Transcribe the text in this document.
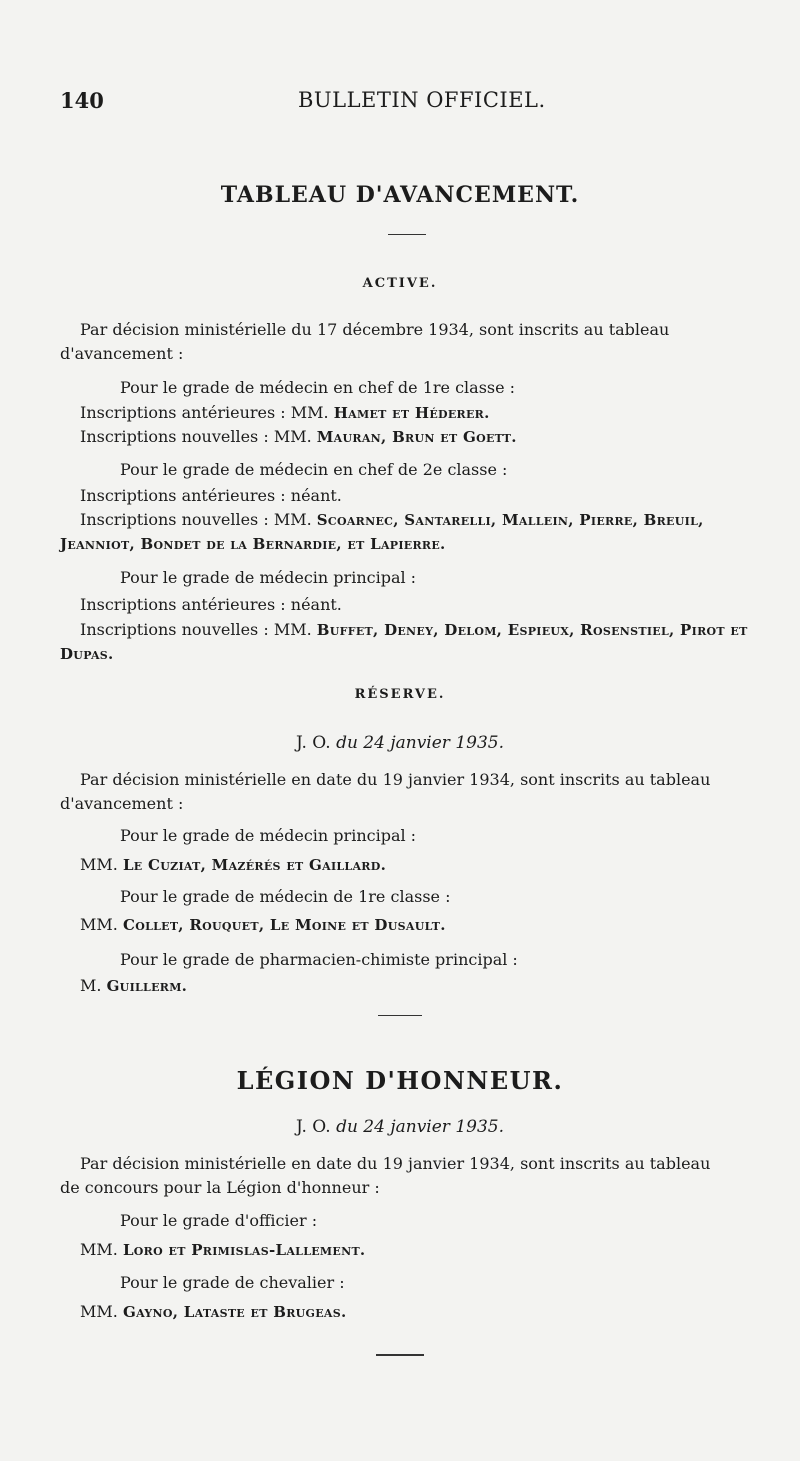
140	BULLETIN OFFICIEL.
TABLEAU D'AVANCEMENT.
ACTIVE.
Par décision ministérielle du 17 décembre 1934, sont inscrits au tableau
d'avancement :
Pour le grade de médecin en chef de 1re classe :
Inscriptions antérieures : MM. Hamet et Héderer.
Inscriptions nouvelles : MM. Mauran, Brun et Goett.
Pour le grade de médecin en chef de 2e classe :
Inscriptions antérieures : néant.
Inscriptions nouvelles : MM. Scoarnec, Santarelli, Mallein, Pierre, Breuil,
Jeanniot, Bondet de la Bernardie, et Lapierre.
Pour le grade de médecin principal :
Inscriptions antérieures : néant.
Inscriptions nouvelles : MM. Buffet, Deney, Delom, Espieux, Rosenstiel, Pirot et
Dupas.
RÉSERVE.
J. O. du 24 janvier 1935.
Par décision ministérielle en date du 19 janvier 1934, sont inscrits au tableau
d'avancement :
Pour le grade de médecin principal :
MM. Le Cuziat, Mazérés et Gaillard.
Pour le grade de médecin de 1re classe :
MM. Collet, Rouquet, Le Moine et Dusault.
Pour le grade de pharmacien-chimiste principal :
M. Guillerm.
LÉGION D'HONNEUR.
J. O. du 24 janvier 1935.
Par décision ministérielle en date du 19 janvier 1934, sont inscrits au tableau
de concours pour la Légion d'honneur :
Pour le grade d'officier :
MM. Loro et Primislas-Lallement.
Pour le grade de chevalier :
MM. Gayno, Lataste et Brugeas.
